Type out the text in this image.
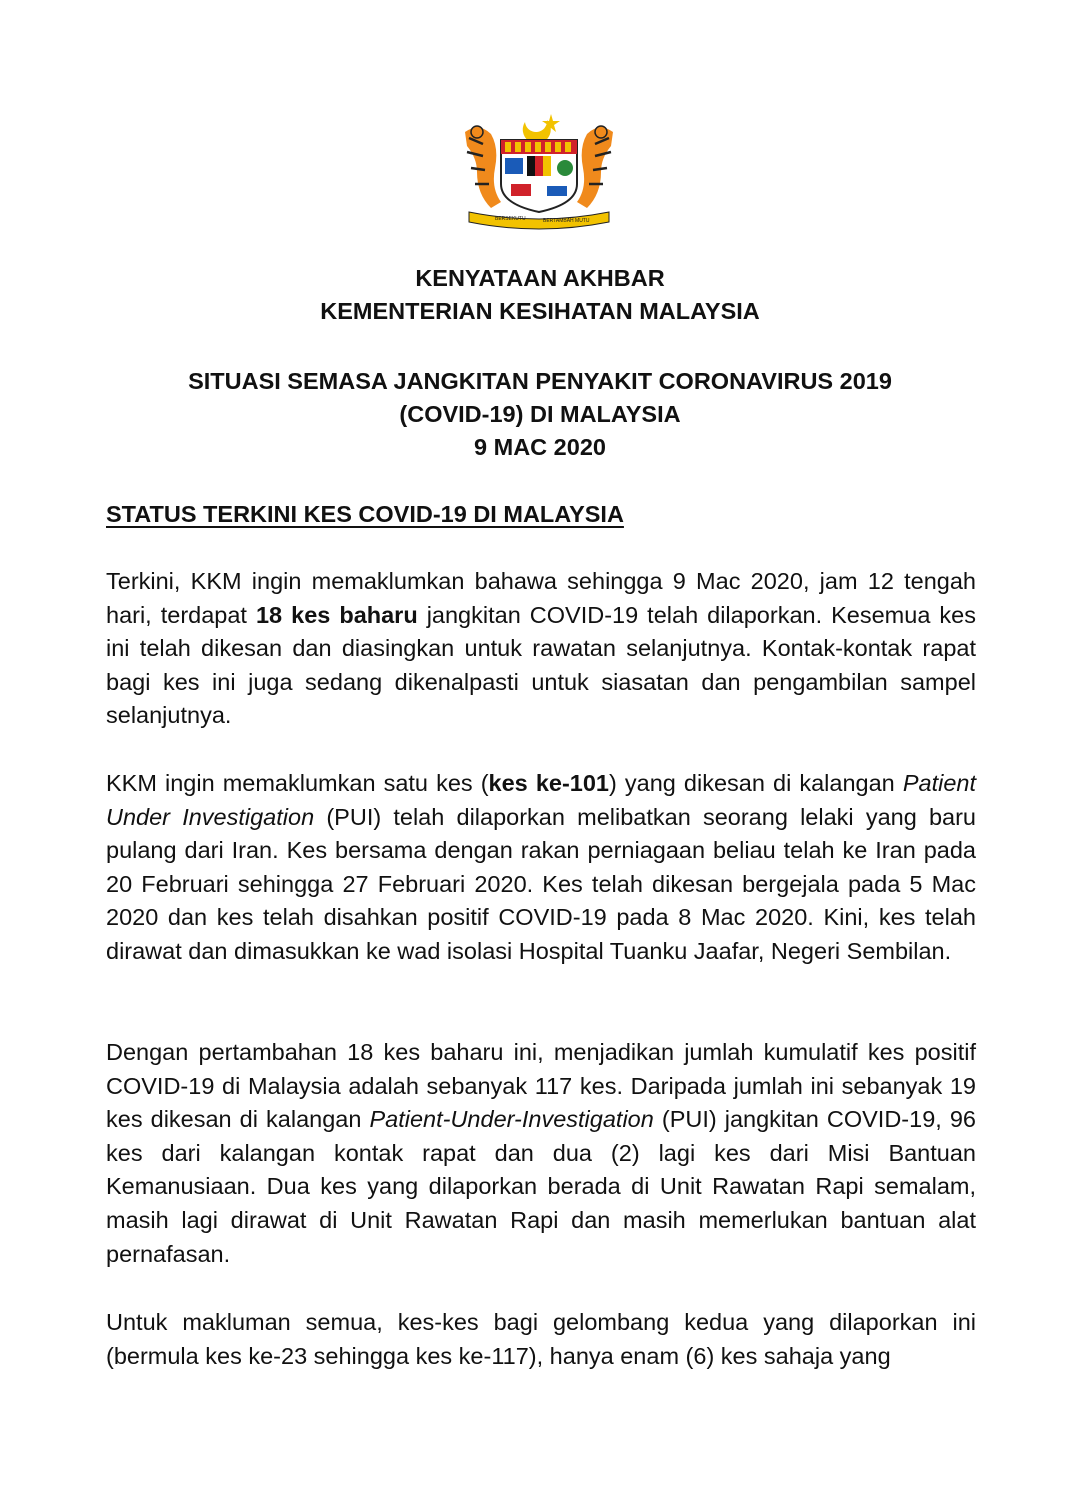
BERSEKUTU	BERTAMBAH MUTU
KENYATAAN AKHBAR
KEMENTERIAN KESIHATAN MALAYSIA
SITUASI SEMASA JANGKITAN PENYAKIT CORONAVIRUS 2019
(COVID-19) DI MALAYSIA
9 MAC 2020
STATUS TERKINI KES COVID-19 DI MALAYSIA

Terkini, KKM ingin memaklumkan bahawa sehingga 9 Mac 2020, jam 12 tengah hari, terdapat 18 kes baharu jangkitan COVID-19 telah dilaporkan. Kesemua kes ini telah dikesan dan diasingkan untuk rawatan selanjutnya. Kontak-kontak rapat bagi kes ini juga sedang dikenalpasti untuk siasatan dan pengambilan sampel selanjutnya.

KKM ingin memaklumkan satu kes (kes ke-101) yang dikesan di kalangan Patient Under Investigation (PUI) telah dilaporkan melibatkan seorang lelaki yang baru pulang dari Iran. Kes bersama dengan rakan perniagaan beliau telah ke Iran pada 20 Februari sehingga 27 Februari 2020. Kes telah dikesan bergejala pada 5 Mac 2020 dan kes telah disahkan positif COVID-19 pada 8 Mac 2020. Kini, kes telah dirawat dan dimasukkan ke wad isolasi Hospital Tuanku Jaafar, Negeri Sembilan.

Dengan pertambahan 18 kes baharu ini, menjadikan jumlah kumulatif kes positif COVID-19 di Malaysia adalah sebanyak 117 kes. Daripada jumlah ini sebanyak 19 kes dikesan di kalangan Patient-Under-Investigation (PUI) jangkitan COVID-19, 96 kes dari kalangan kontak rapat dan dua (2) lagi kes dari Misi Bantuan Kemanusiaan. Dua kes yang dilaporkan berada di Unit Rawatan Rapi semalam, masih lagi dirawat di Unit Rawatan Rapi dan masih memerlukan bantuan alat pernafasan.

Untuk makluman semua, kes-kes bagi gelombang kedua yang dilaporkan ini (bermula kes ke-23 sehingga kes ke-117), hanya enam (6) kes sahaja yang
